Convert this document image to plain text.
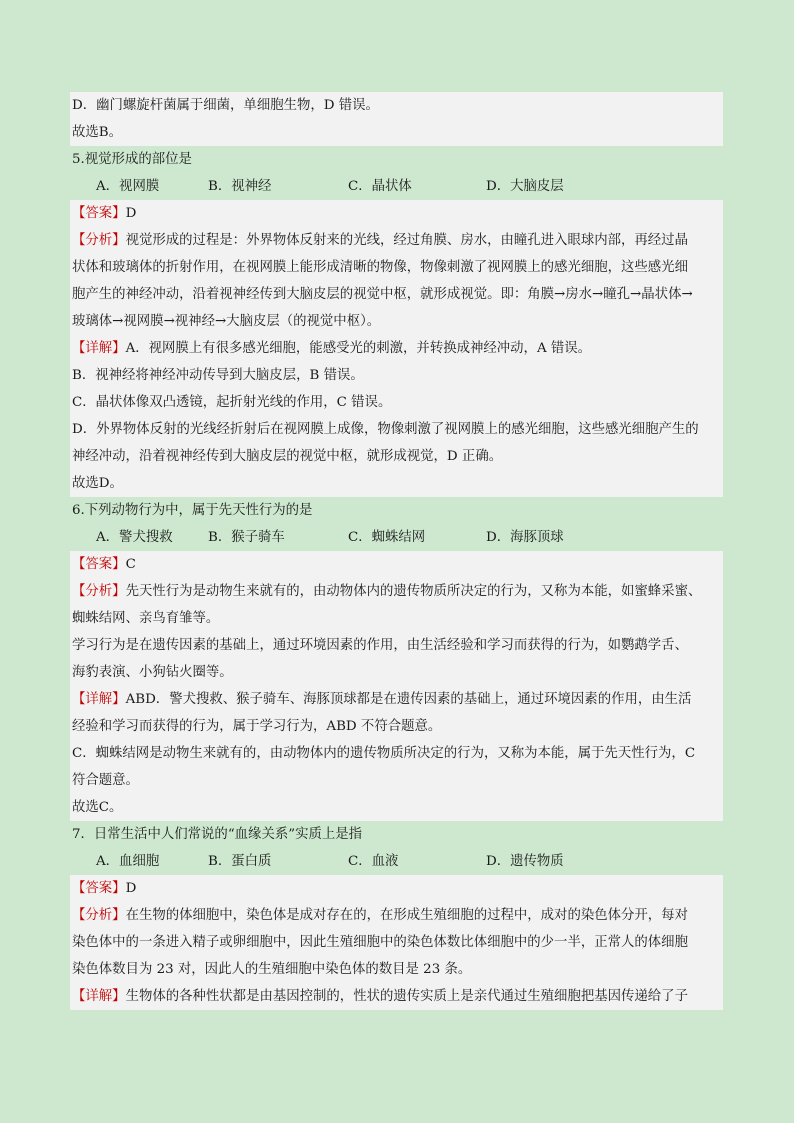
D．幽门螺旋杆菌属于细菌，单细胞生物，D 错误。
故选B。
5.视觉形成的部位是
A．视网膜	B．视神经	C．晶状体	D．大脑皮层
【答案】D
【分析】视觉形成的过程是：外界物体反射来的光线，经过角膜、房水，由瞳孔进入眼球内部，再经过晶
状体和玻璃体的折射作用，在视网膜上能形成清晰的物像，物像刺激了视网膜上的感光细胞，这些感光细
胞产生的神经冲动，沿着视神经传到大脑皮层的视觉中枢，就形成视觉。即：角膜→房水→瞳孔→晶状体→
玻璃体→视网膜→视神经→大脑皮层（的视觉中枢）。
【详解】A．视网膜上有很多感光细胞，能感受光的刺激，并转换成神经冲动，A 错误。
B．视神经将神经冲动传导到大脑皮层，B 错误。
C．晶状体像双凸透镜，起折射光线的作用，C 错误。
D．外界物体反射的光线经折射后在视网膜上成像，物像刺激了视网膜上的感光细胞，这些感光细胞产生的
神经冲动，沿着视神经传到大脑皮层的视觉中枢，就形成视觉，D 正确。
故选D。
6.下列动物行为中，属于先天性行为的是
A．警犬搜救	B．猴子骑车	C．蜘蛛结网	D．海豚顶球
【答案】C
【分析】先天性行为是动物生来就有的，由动物体内的遗传物质所决定的行为，又称为本能，如蜜蜂采蜜、
蜘蛛结网、亲鸟育雏等。
学习行为是在遗传因素的基础上，通过环境因素的作用，由生活经验和学习而获得的行为，如鹦鹉学舌、
海豹表演、小狗钻火圈等。
【详解】ABD．警犬搜救、猴子骑车、海豚顶球都是在遗传因素的基础上，通过环境因素的作用，由生活
经验和学习而获得的行为，属于学习行为，ABD 不符合题意。
C．蜘蛛结网是动物生来就有的，由动物体内的遗传物质所决定的行为，又称为本能，属于先天性行为，C
符合题意。
故选C。
7．日常生活中人们常说的“血缘关系”实质上是指
A．血细胞	B．蛋白质	C．血液	D．遗传物质
【答案】D
【分析】在生物的体细胞中，染色体是成对存在的，在形成生殖细胞的过程中，成对的染色体分开，每对
染色体中的一条进入精子或卵细胞中，因此生殖细胞中的染色体数比体细胞中的少一半，正常人的体细胞
染色体数目为 23 对，因此人的生殖细胞中染色体的数目是 23 条。
【详解】生物体的各种性状都是由基因控制的，性状的遗传实质上是亲代通过生殖细胞把基因传递给了子
